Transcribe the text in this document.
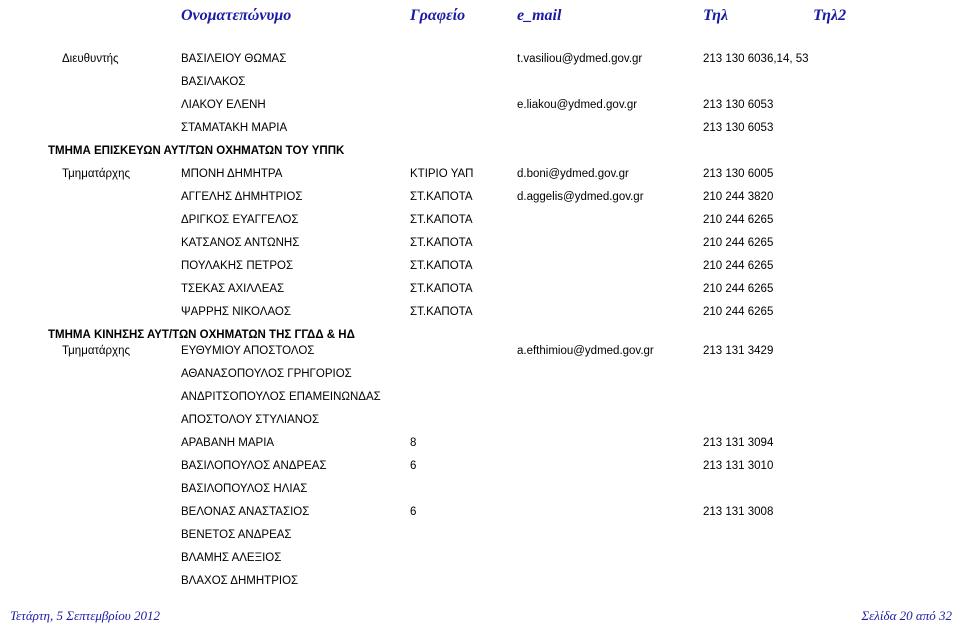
Ονοματεπώνυμο	Γραφείο	e_mail	Τηλ	Τηλ2
Διευθυντής	ΒΑΣΙΛΕΙΟΥ ΘΩΜΑΣ	t.vasiliou@ydmed.gov.gr	213 130 6036,14, 53
ΒΑΣΙΛΑΚΟΣ
ΛΙΑΚΟΥ ΕΛΕΝΗ	e.liakou@ydmed.gov.gr	213 130 6053
ΣΤΑΜΑΤΑΚΗ ΜΑΡΙΑ	213 130 6053
ΤΜΗΜΑ ΕΠΙΣΚΕΥΩΝ ΑΥΤ/ΤΩΝ ΟΧΗΜΑΤΩΝ ΤΟΥ ΥΠΠΚ
Τμηματάρχης	ΜΠΟΝΗ ΔΗΜΗΤΡΑ	ΚΤΙΡΙΟ ΥΑΠ	d.boni@ydmed.gov.gr	213 130 6005
ΑΓΓΕΛΗΣ ΔΗΜΗΤΡΙΟΣ	ΣΤ.ΚΑΠΟΤΑ	d.aggelis@ydmed.gov.gr	210 244 3820
ΔΡΙΓΚΟΣ ΕΥΑΓΓΕΛΟΣ	ΣΤ.ΚΑΠΟΤΑ	210 244 6265
ΚΑΤΣΑΝΟΣ ΑΝΤΩΝΗΣ	ΣΤ.ΚΑΠΟΤΑ	210 244 6265
ΠΟΥΛΑΚΗΣ ΠΕΤΡΟΣ	ΣΤ.ΚΑΠΟΤΑ	210 244 6265
ΤΣΕΚΑΣ ΑΧΙΛΛΕΑΣ	ΣΤ.ΚΑΠΟΤΑ	210 244 6265
ΨΑΡΡΗΣ ΝΙΚΟΛΑΟΣ	ΣΤ.ΚΑΠΟΤΑ	210 244 6265
ΤΜΗΜΑ ΚΙΝΗΣΗΣ ΑΥΤ/ΤΩΝ ΟΧΗΜΑΤΩΝ ΤΗΣ ΓΓΔΔ & ΗΔ
Τμηματάρχης	ΕΥΘΥΜΙΟΥ ΑΠΟΣΤΟΛΟΣ	a.efthimiou@ydmed.gov.gr	213 131 3429
ΑΘΑΝΑΣΟΠΟΥΛΟΣ ΓΡΗΓΟΡΙΟΣ
ΑΝΔΡΙΤΣΟΠΟΥΛΟΣ ΕΠΑΜΕΙΝΩΝΔΑΣ
ΑΠΟΣΤΟΛΟΥ ΣΤΥΛΙΑΝΟΣ
ΑΡΑΒΑΝΗ ΜΑΡΙΑ	8	213 131 3094
ΒΑΣΙΛΟΠΟΥΛΟΣ ΑΝΔΡΕΑΣ	6	213 131 3010
ΒΑΣΙΛΟΠΟΥΛΟΣ ΗΛΙΑΣ
ΒΕΛΟΝΑΣ ΑΝΑΣΤΑΣΙΟΣ	6	213 131 3008
ΒΕΝΕΤΟΣ ΑΝΔΡΕΑΣ
ΒΛΑΜΗΣ ΑΛΕΞΙΟΣ
ΒΛΑΧΟΣ ΔΗΜΗΤΡΙΟΣ
Τετάρτη, 5 Σεπτεμβρίου 2012	Σελίδα 20 από 32
